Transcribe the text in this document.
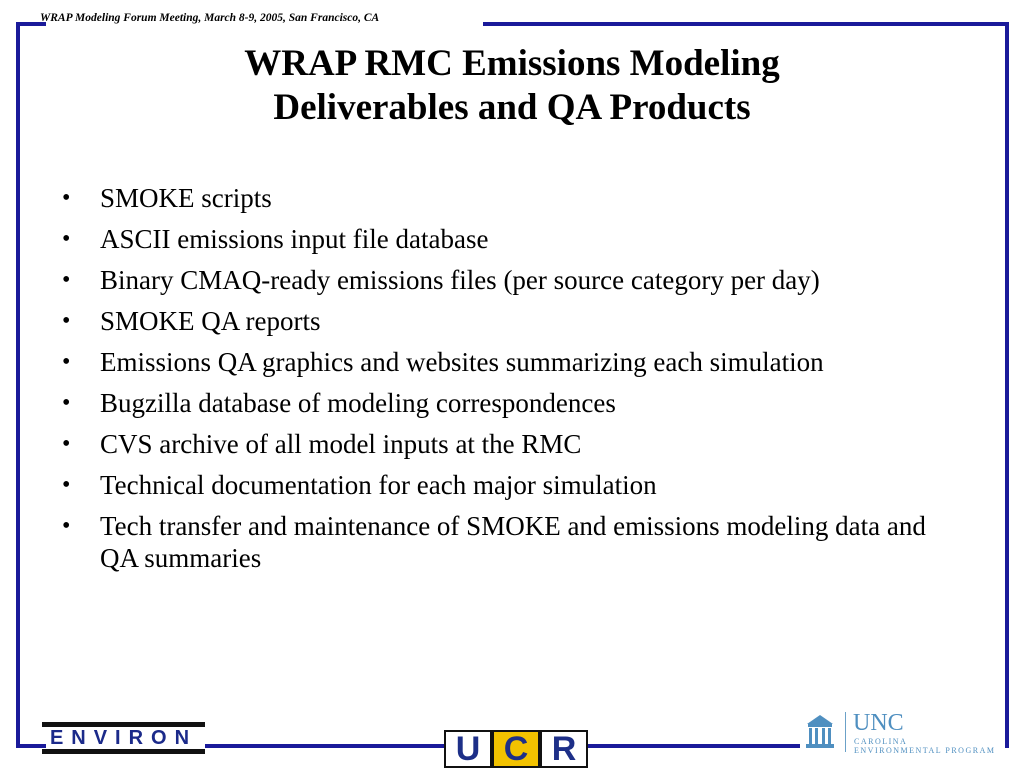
WRAP Modeling Forum Meeting, March 8-9, 2005, San Francisco, CA
WRAP RMC Emissions Modeling
Deliverables and QA Products
• SMOKE scripts
• ASCII emissions input file database
• Binary CMAQ-ready emissions files (per source category per day)
• SMOKE QA reports
• Emissions QA graphics and websites summarizing each simulation
• Bugzilla database of modeling correspondences
• CVS archive of all model inputs at the RMC
• Technical documentation for each major simulation
• Tech transfer and maintenance of SMOKE and emissions modeling data and QA summaries
ENVIRON	U C R
UNC
CAROLINA
ENVIRONMENTAL PROGRAM
